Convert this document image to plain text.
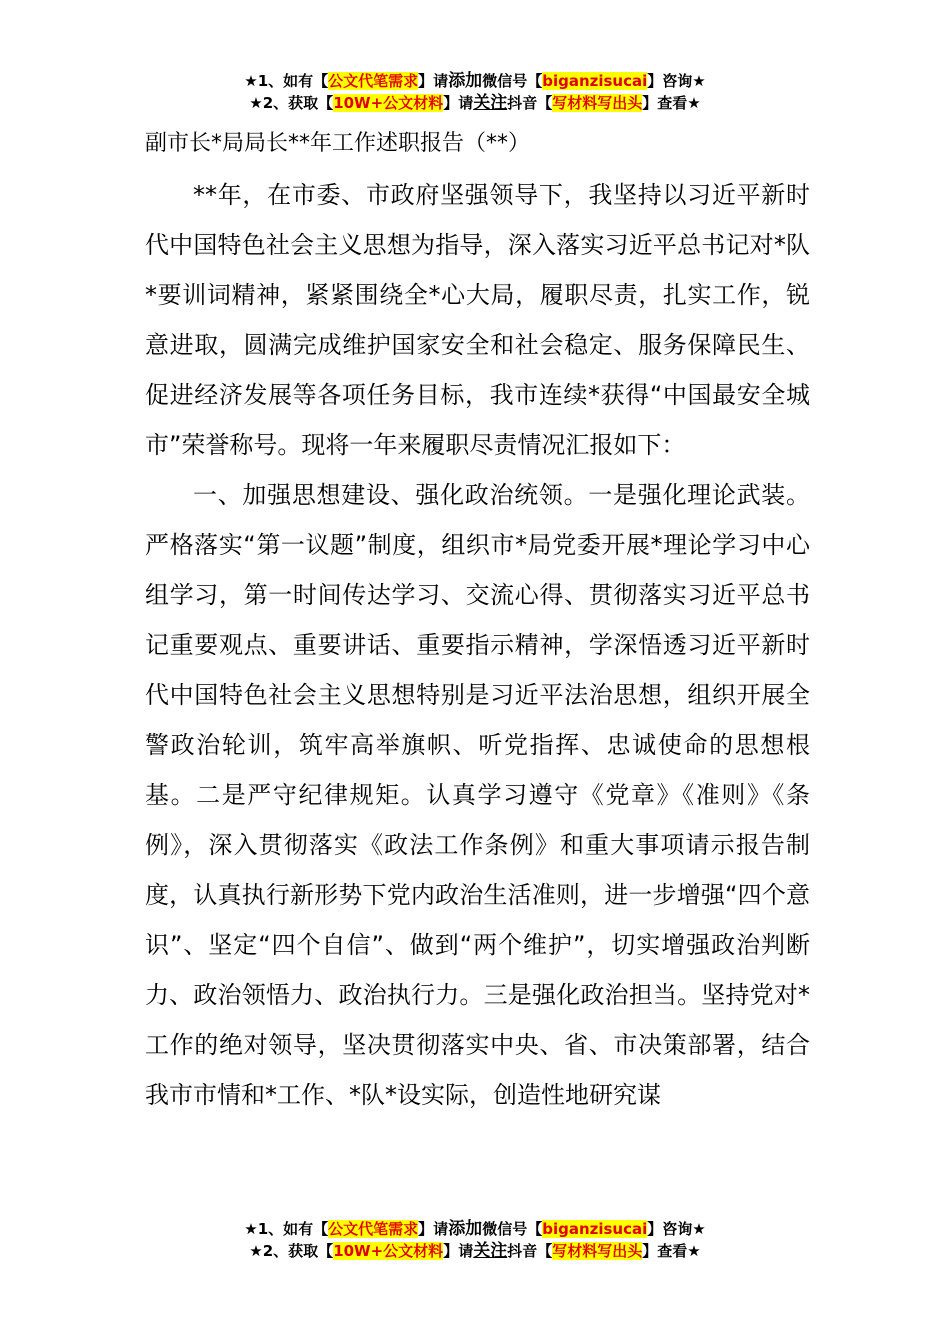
★1、如有【公文代笔需求】请添加微信号【biganzisucai】咨询★
★2、获取【10W+公文材料】请关注抖音【写材料写出头】查看★

副市长*局局长**年工作述职报告（**）

**年，在市委、市政府坚强领导下，我坚持以习近平新时代中国特色社会主义思想为指导，深入落实习近平总书记对*队*要训词精神，紧紧围绕全*心大局，履职尽责，扎实工作，锐意进取，圆满完成维护国家安全和社会稳定、服务保障民生、促进经济发展等各项任务目标，我市连续*获得“中国最安全城市”荣誉称号。现将一年来履职尽责情况汇报如下：

一、加强思想建设、强化政治统领。一是强化理论武装。严格落实“第一议题”制度，组织市*局党委开展*理论学习中心组学习，第一时间传达学习、交流心得、贯彻落实习近平总书记重要观点、重要讲话、重要指示精神，学深悟透习近平新时代中国特色社会主义思想特别是习近平法治思想，组织开展全警政治轮训，筑牢高举旗帜、听党指挥、忠诚使命的思想根基。二是严守纪律规矩。认真学习遵守《党章》《准则》《条例》，深入贯彻落实《政法工作条例》和重大事项请示报告制度，认真执行新形势下党内政治生活准则，进一步增强“四个意识”、坚定“四个自信”、做到“两个维护”，切实增强政治判断力、政治领悟力、政治执行力。三是强化政治担当。坚持党对*工作的绝对领导，坚决贯彻落实中央、省、市决策部署，结合我市市情和*工作、*队*设实际，创造性地研究谋

★1、如有【公文代笔需求】请添加微信号【biganzisucai】咨询★
★2、获取【10W+公文材料】请关注抖音【写材料写出头】查看★
